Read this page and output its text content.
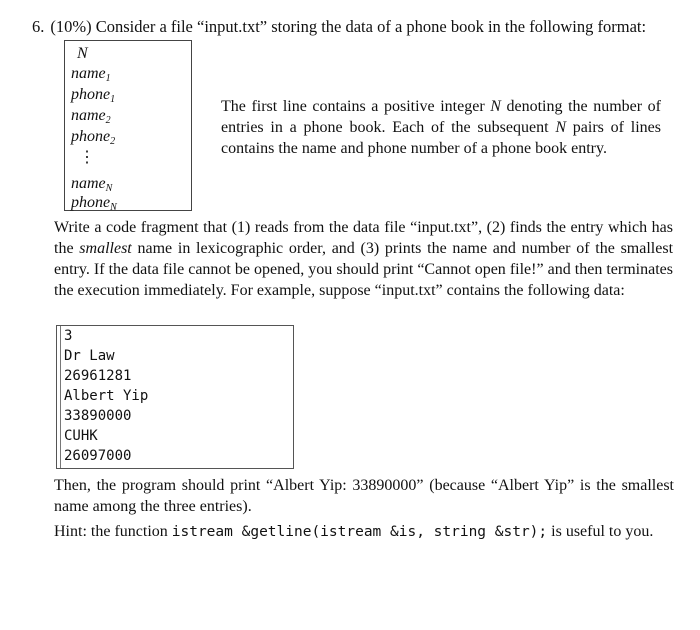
6. (10%) Consider a file “input.txt” storing the data of a phone book in the following format:
N
name$_1$
phone$_1$
name$_2$
phone$_2$
⋮
name$_N$
phone$_N$
The first line contains a positive integer N denoting the number of entries in a phone book. Each of the subsequent N pairs of lines contains the name and phone number of a phone book entry.
Write a code fragment that (1) reads from the data file “input.txt”, (2) finds the entry which has the smallest name in lexicographic order, and (3) prints the name and number of the smallest entry. If the data file cannot be opened, you should print “Cannot open file!” and then terminates the execution immediately. For example, suppose “input.txt” contains the following data:
3
Dr Law
26961281
Albert Yip
33890000
CUHK
26097000
Then, the program should print “Albert Yip: 33890000” (because “Albert Yip” is the smallest name among the three entries).
Hint: the function istream &getline(istream &is, string &str); is useful to you.
